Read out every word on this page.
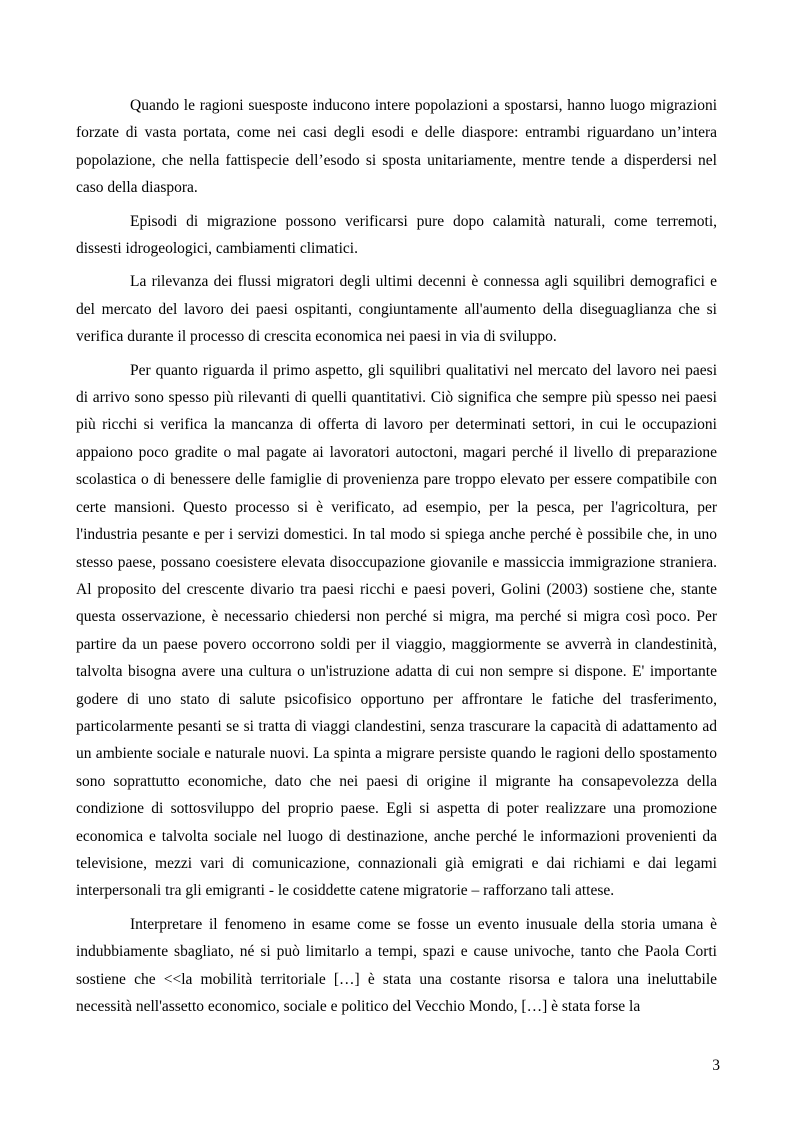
Quando le ragioni suesposte inducono intere popolazioni a spostarsi, hanno luogo migrazioni forzate di vasta portata, come nei casi degli esodi e delle diaspore: entrambi riguardano un’intera popolazione, che nella fattispecie dell’esodo si sposta unitariamente, mentre tende a disperdersi nel caso della diaspora.

Episodi di migrazione possono verificarsi pure dopo calamità naturali, come terremoti, dissesti idrogeologici, cambiamenti climatici.

La rilevanza dei flussi migratori degli ultimi decenni è connessa agli squilibri demografici e del mercato del lavoro dei paesi ospitanti, congiuntamente all'aumento della diseguaglianza che si verifica durante il processo di crescita economica nei paesi in via di sviluppo.

Per quanto riguarda il primo aspetto, gli squilibri qualitativi nel mercato del lavoro nei paesi di arrivo sono spesso più rilevanti di quelli quantitativi. Ciò significa che sempre più spesso nei paesi più ricchi si verifica la mancanza di offerta di lavoro per determinati settori, in cui le occupazioni appaiono poco gradite o mal pagate ai lavoratori autoctoni, magari perché il livello di preparazione scolastica o di benessere delle famiglie di provenienza pare troppo elevato per essere compatibile con certe mansioni. Questo processo si è verificato, ad esempio, per la pesca, per l'agricoltura, per l'industria pesante e per i servizi domestici. In tal modo si spiega anche perché è possibile che, in uno stesso paese, possano coesistere elevata disoccupazione giovanile e massiccia immigrazione straniera. Al proposito del crescente divario tra paesi ricchi e paesi poveri, Golini (2003) sostiene che, stante questa osservazione, è necessario chiedersi non perché si migra, ma perché si migra così poco. Per partire da un paese povero occorrono soldi per il viaggio, maggiormente se avverrà in clandestinità, talvolta bisogna avere una cultura o un'istruzione adatta di cui non sempre si dispone. E' importante godere di uno stato di salute psicofisico opportuno per affrontare le fatiche del trasferimento, particolarmente pesanti se si tratta di viaggi clandestini, senza trascurare la capacità di adattamento ad un ambiente sociale e naturale nuovi. La spinta a migrare persiste quando le ragioni dello spostamento sono soprattutto economiche, dato che nei paesi di origine il migrante ha consapevolezza della condizione di sottosviluppo del proprio paese. Egli si aspetta di poter realizzare una promozione economica e talvolta sociale nel luogo di destinazione, anche perché le informazioni provenienti da televisione, mezzi vari di comunicazione, connazionali già emigrati e dai richiami e dai legami interpersonali tra gli emigranti - le cosiddette catene migratorie – rafforzano tali attese.

Interpretare il fenomeno in esame come se fosse un evento inusuale della storia umana è indubbiamente sbagliato, né si può limitarlo a tempi, spazi e cause univoche, tanto che Paola Corti sostiene che <<la mobilità territoriale […] è stata una costante risorsa e talora una ineluttabile necessità nell'assetto economico, sociale e politico del Vecchio Mondo, […] è stata forse la

3
